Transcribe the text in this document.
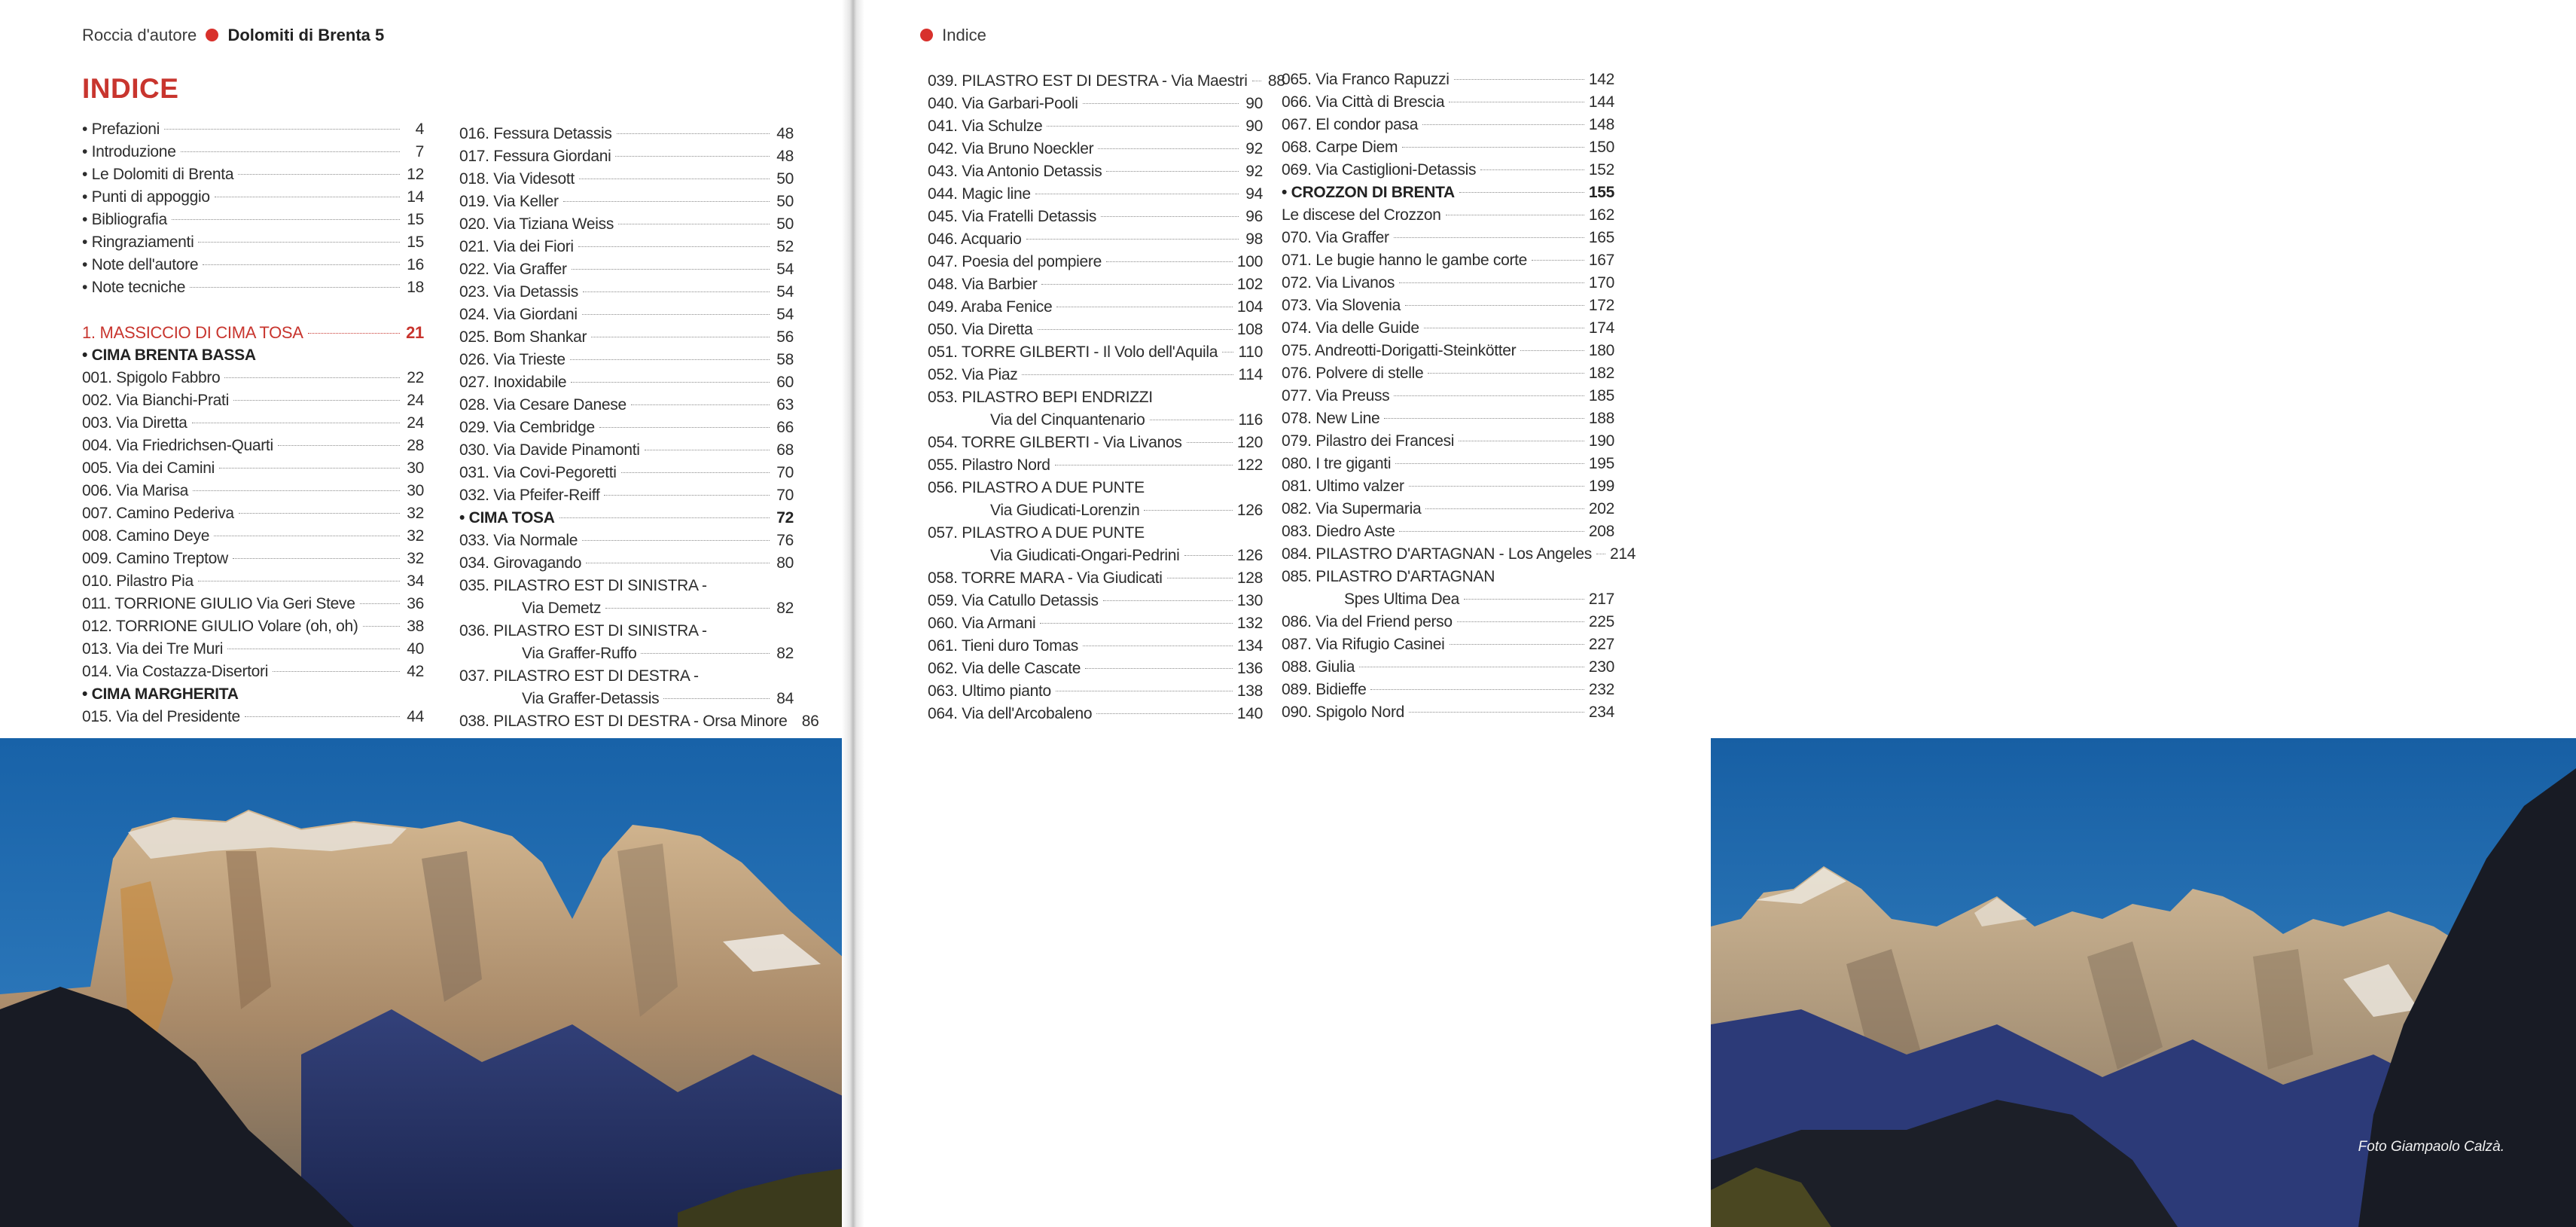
Roccia d'autore Dolomiti di Brenta 5
INDICE
• Prefazioni	4
• Introduzione	7
• Le Dolomiti di Brenta	12
• Punti di appoggio	14
• Bibliografia	15
• Ringraziamenti	15
• Note dell'autore	16
• Note tecniche	18
1. MASSICCIO DI CIMA TOSA	21
• CIMA BRENTA BASSA
001. Spigolo Fabbro	22
002. Via Bianchi-Prati	24
003. Via Diretta	24
004. Via Friedrichsen-Quarti	28
005. Via dei Camini	30
006. Via Marisa	30
007. Camino Pederiva	32
008. Camino Deye	32
009. Camino Treptow	32
010. Pilastro Pia	34
011. TORRIONE GIULIO Via Geri Steve	36
012. TORRIONE GIULIO Volare (oh, oh)	38
013. Via dei Tre Muri	40
014. Via Costazza-Disertori	42
• CIMA MARGHERITA
015. Via del Presidente	44
016. Fessura Detassis	48
017. Fessura Giordani	48
018. Via Videsott	50
019. Via Keller	50
020. Via Tiziana Weiss	50
021. Via dei Fiori	52
022. Via Graffer	54
023. Via Detassis	54
024. Via Giordani	54
025. Bom Shankar	56
026. Via Trieste	58
027. Inoxidabile	60
028. Via Cesare Danese	63
029. Via Cembridge	66
030. Via Davide Pinamonti	68
031. Via Covi-Pegoretti	70
032. Via Pfeifer-Reiff	70
• CIMA TOSA	72
033. Via Normale	76
034. Girovagando	80
035. PILASTRO EST DI SINISTRA -
Via Demetz	82
036. PILASTRO EST DI SINISTRA -
Via Graffer-Ruffo	82
037. PILASTRO EST DI DESTRA -
Via Graffer-Detassis	84
038. PILASTRO EST DI DESTRA - Orsa Minore 86
Indice
039. PILASTRO EST DI DESTRA - Via Maestri 88
040. Via Garbari-Pooli	90
041. Via Schulze	90
042. Via Bruno Noeckler	92
043. Via Antonio Detassis	92
044. Magic line	94
045. Via Fratelli Detassis	96
046. Acquario	98
047. Poesia del pompiere	100
048. Via Barbier	102
049. Araba Fenice	104
050. Via Diretta	108
051. TORRE GILBERTI - Il Volo dell'Aquila 110
052. Via Piaz	114
053. PILASTRO BEPI ENDRIZZI
Via del Cinquantenario	116
054. TORRE GILBERTI - Via Livanos	120
055. Pilastro Nord	122
056. PILASTRO A DUE PUNTE
Via Giudicati-Lorenzin	126
057. PILASTRO A DUE PUNTE
Via Giudicati-Ongari-Pedrini	126
058. TORRE MARA - Via Giudicati	128
059. Via Catullo Detassis	130
060. Via Armani	132
061. Tieni duro Tomas	134
062. Via delle Cascate	136
063. Ultimo pianto	138
064. Via dell'Arcobaleno	140
065. Via Franco Rapuzzi	142
066. Via Città di Brescia	144
067. El condor pasa	148
068. Carpe Diem	150
069. Via Castiglioni-Detassis	152
• CROZZON DI BRENTA	155
Le discese del Crozzon	162
070. Via Graffer	165
071. Le bugie hanno le gambe corte	167
072. Via Livanos	170
073. Via Slovenia	172
074. Via delle Guide	174
075. Andreotti-Dorigatti-Steinkötter	180
076. Polvere di stelle	182
077. Via Preuss	185
078. New Line	188
079. Pilastro dei Francesi	190
080. I tre giganti	195
081. Ultimo valzer	199
082. Via Supermaria	202
083. Diedro Aste	208
084. PILASTRO D'ARTAGNAN - Los Angeles 214
085. PILASTRO D'ARTAGNAN
Spes Ultima Dea	217
086. Via del Friend perso	225
087. Via Rifugio Casinei	227
088. Giulia	230
089. Bidieffe	232
090. Spigolo Nord	234
Foto Giampaolo Calzà.
